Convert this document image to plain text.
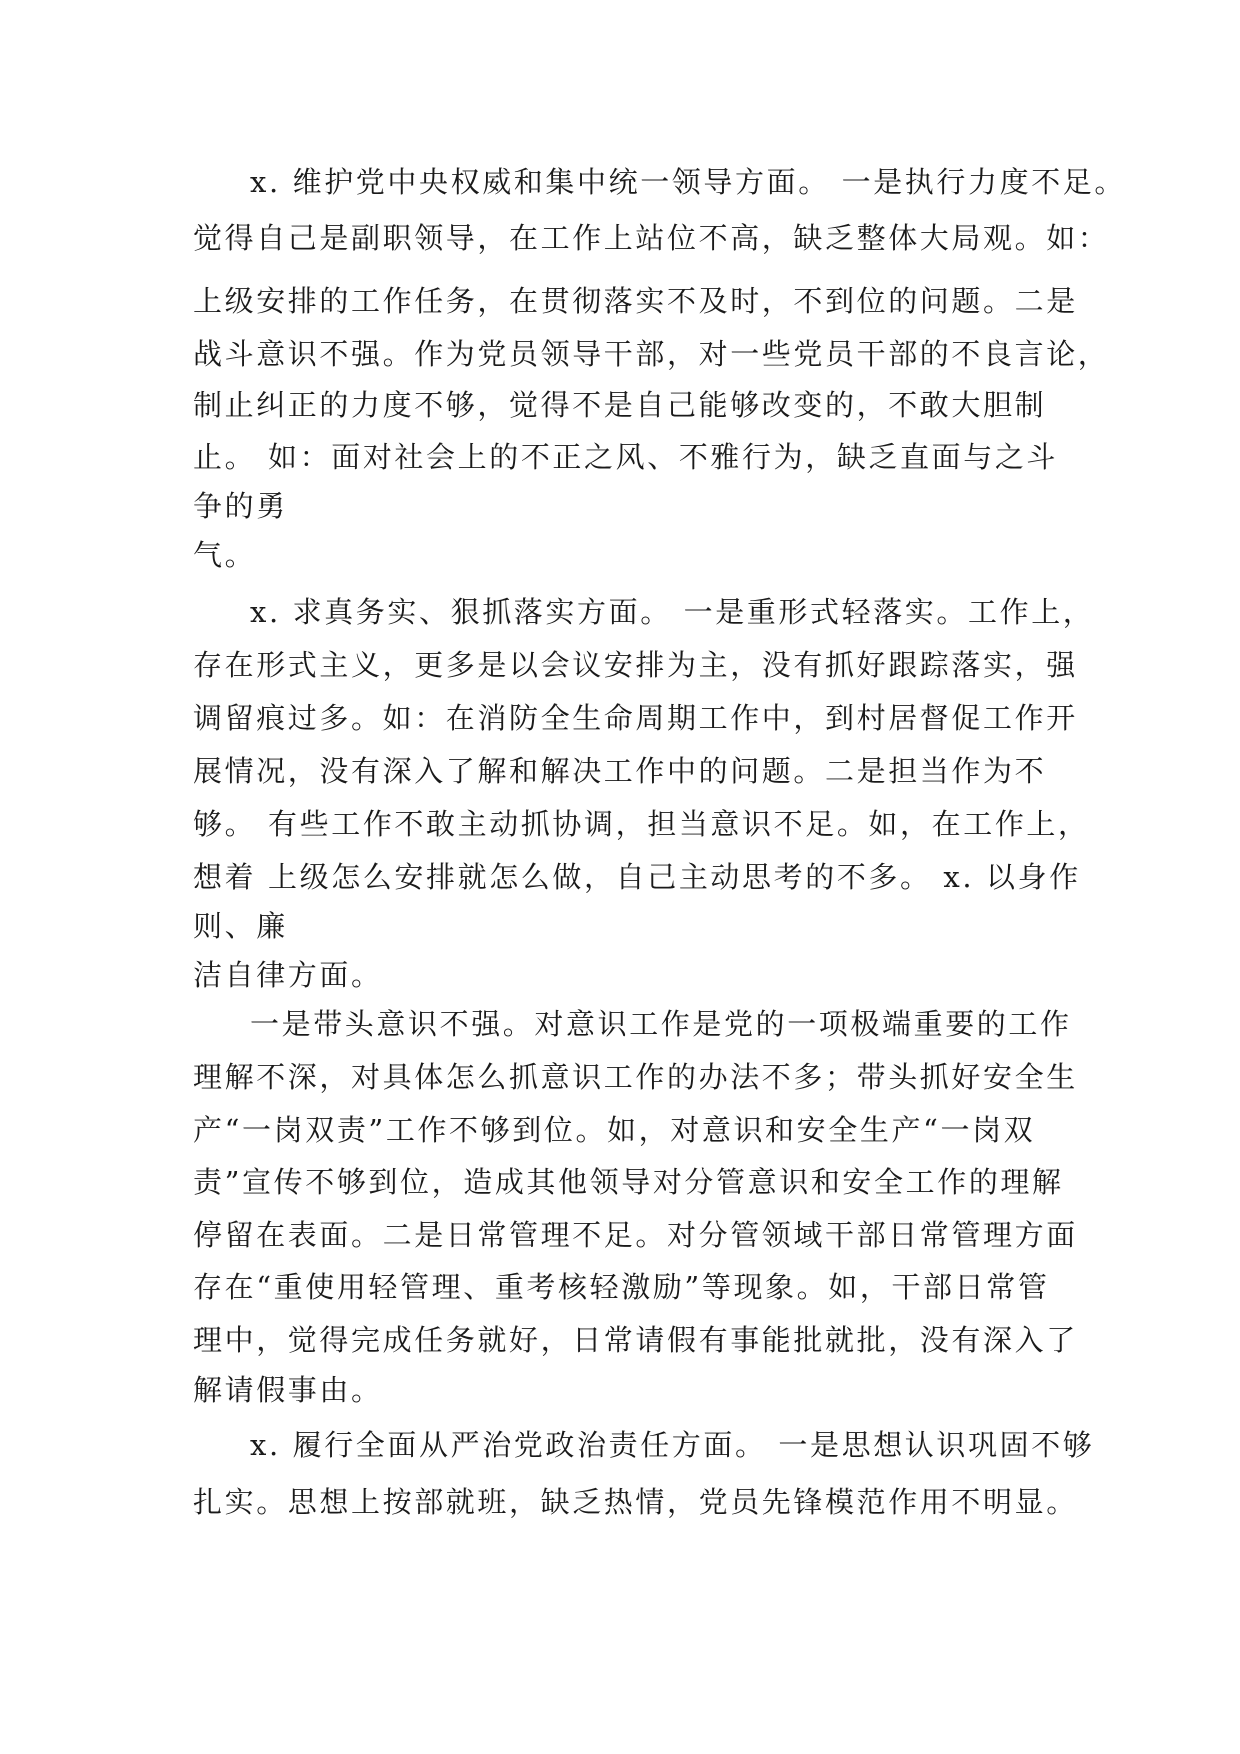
x. 维护党中央权威和集中统一领导方面。 一是执行力度不足。
觉得自己是副职领导，在工作上站位不高，缺乏整体大局观。如：
上级安排的工作任务，在贯彻落实不及时，不到位的问题。二是
战斗意识不强。作为党员领导干部，对一些党员干部的不良言论，
制止纠正的力度不够，觉得不是自己能够改变的，不敢大胆制
止。 如：面对社会上的不正之风、不雅行为，缺乏直面与之斗
争的勇
气。
x. 求真务实、狠抓落实方面。 一是重形式轻落实。工作上，
存在形式主义，更多是以会议安排为主，没有抓好跟踪落实，强
调留痕过多。如：在消防全生命周期工作中，到村居督促工作开
展情况，没有深入了解和解决工作中的问题。二是担当作为不
够。 有些工作不敢主动抓协调，担当意识不足。如，在工作上，
想着 上级怎么安排就怎么做，自己主动思考的不多。 x. 以身作
则、廉
洁自律方面。
一是带头意识不强。对意识工作是党的一项极端重要的工作
理解不深，对具体怎么抓意识工作的办法不多；带头抓好安全生
产“一岗双责”工作不够到位。如，对意识和安全生产“一岗双
责”宣传不够到位，造成其他领导对分管意识和安全工作的理解
停留在表面。二是日常管理不足。对分管领域干部日常管理方面
存在“重使用轻管理、重考核轻激励”等现象。如，干部日常管
理中，觉得完成任务就好，日常请假有事能批就批，没有深入了
解请假事由。
x. 履行全面从严治党政治责任方面。 一是思想认识巩固不够
扎实。思想上按部就班，缺乏热情，党员先锋模范作用不明显。
